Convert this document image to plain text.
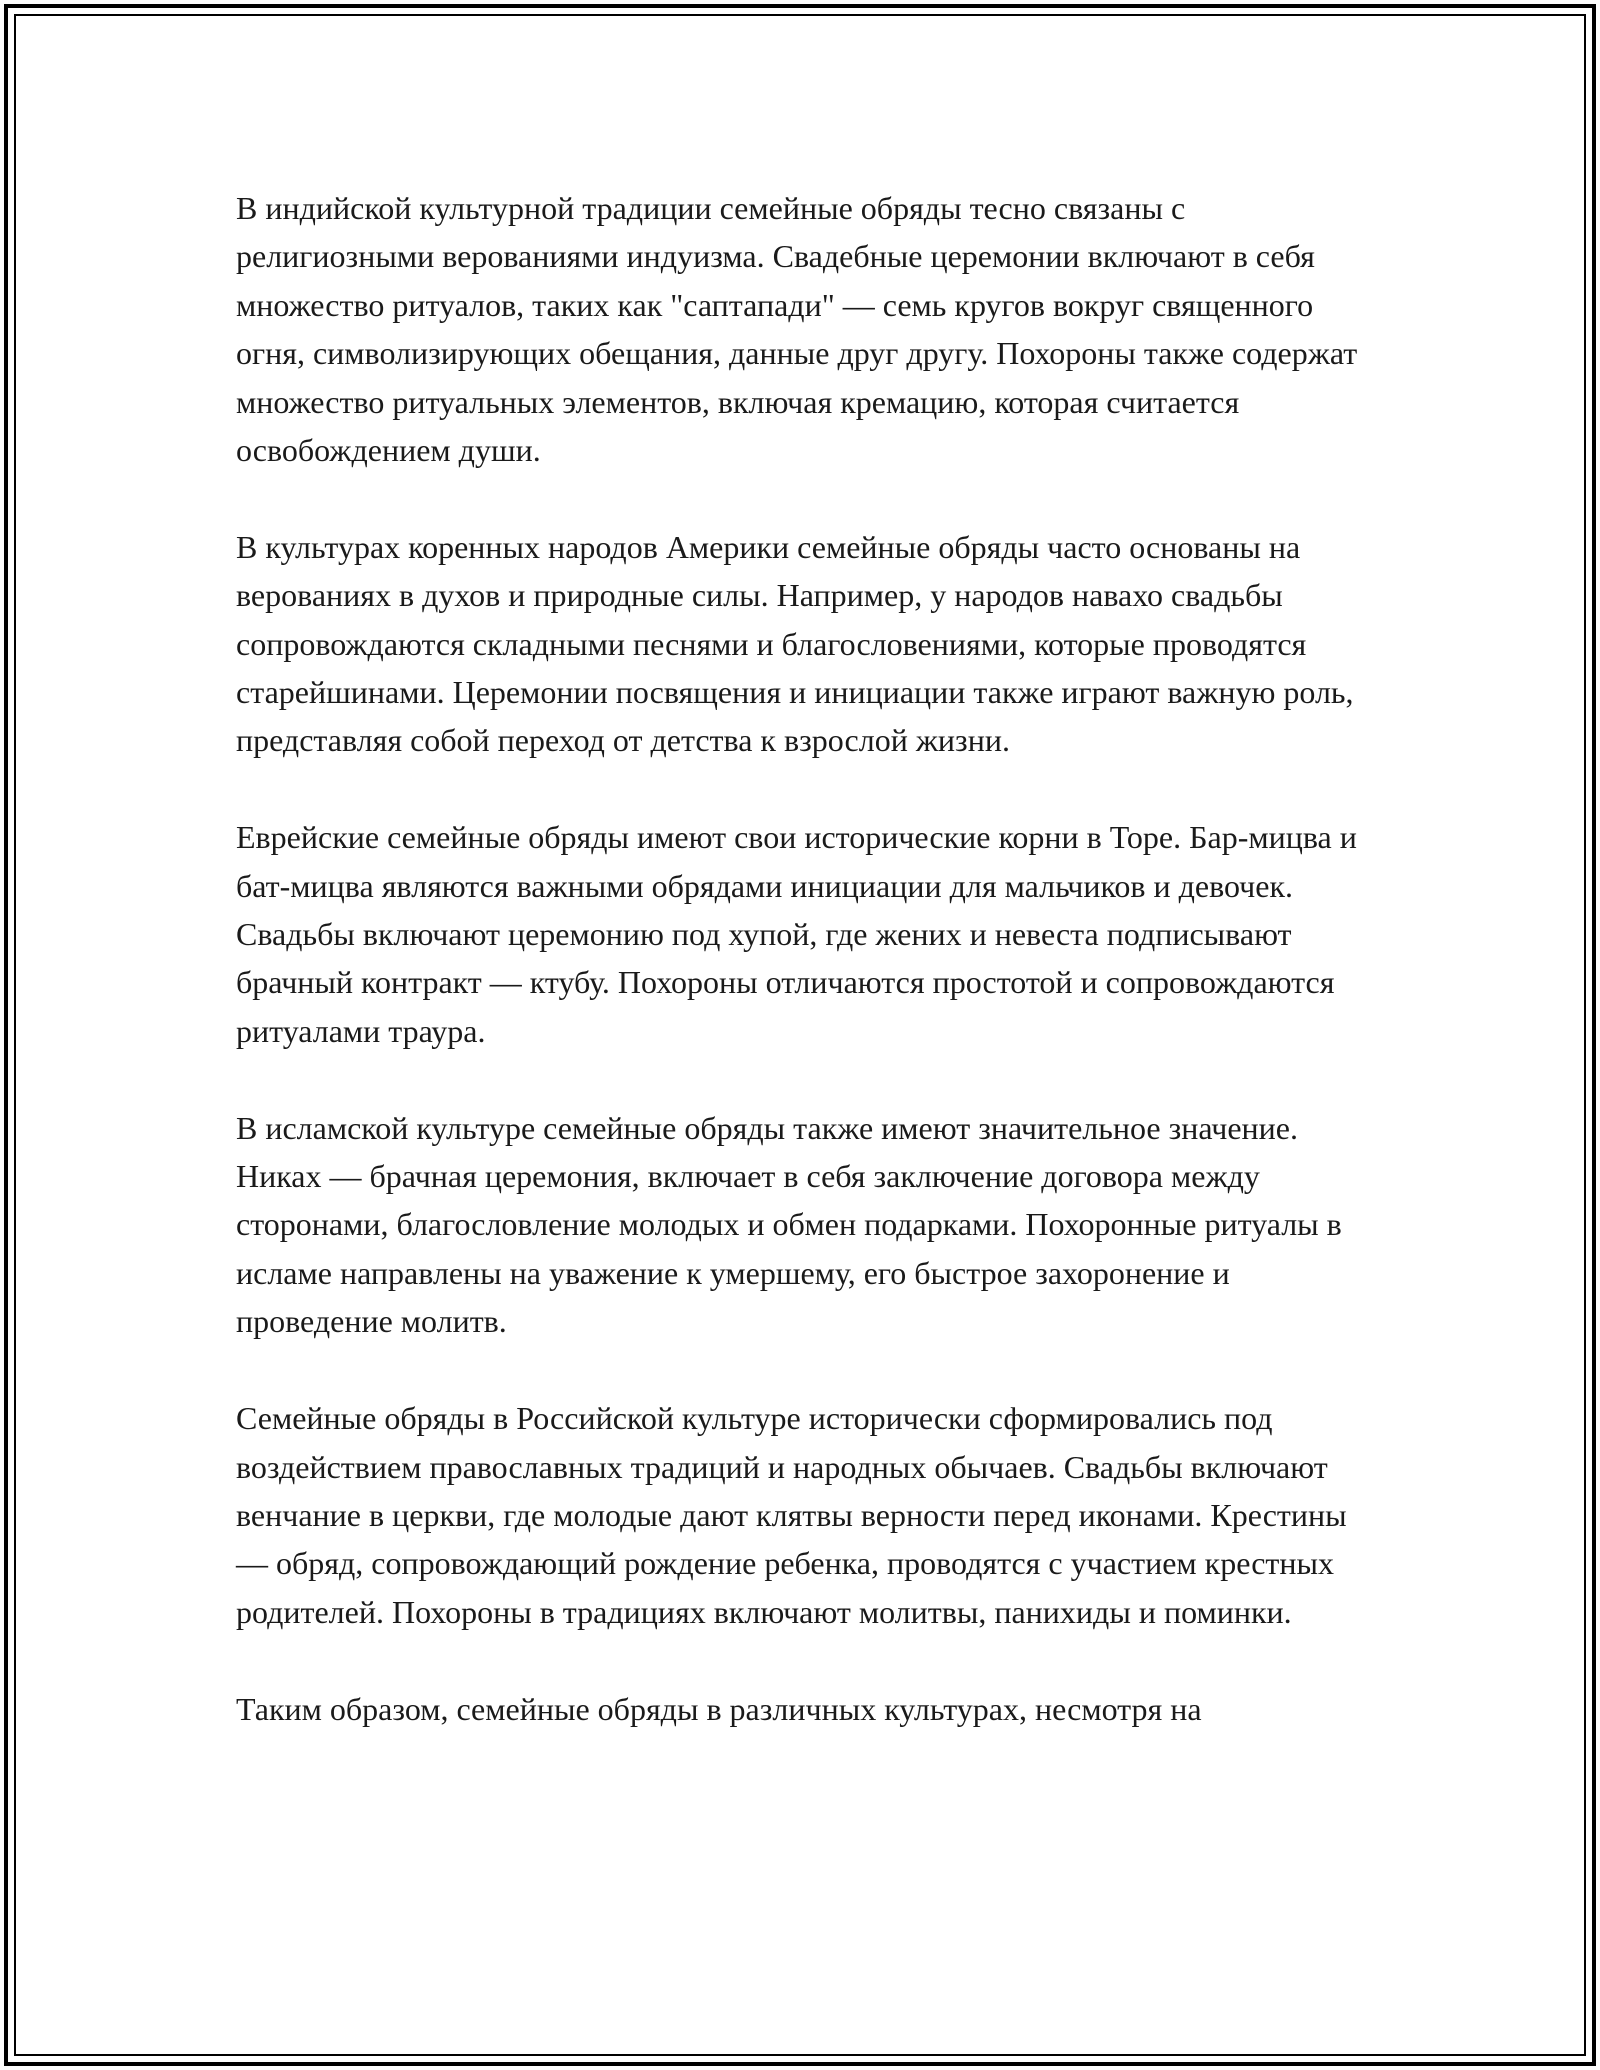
В индийской культурной традиции семейные обряды тесно связаны с религиозными верованиями индуизма. Свадебные церемонии включают в себя множество ритуалов, таких как "саптапади" — семь кругов вокруг священного огня, символизирующих обещания, данные друг другу. Похороны также содержат множество ритуальных элементов, включая кремацию, которая считается освобождением души.

В культурах коренных народов Америки семейные обряды часто основаны на верованиях в духов и природные силы. Например, у народов навахо свадьбы сопровождаются складными песнями и благословениями, которые проводятся старейшинами. Церемонии посвящения и инициации также играют важную роль, представляя собой переход от детства к взрослой жизни.

Еврейские семейные обряды имеют свои исторические корни в Торе. Бар-мицва и бат-мицва являются важными обрядами инициации для мальчиков и девочек. Свадьбы включают церемонию под хупой, где жених и невеста подписывают брачный контракт — ктубу. Похороны отличаются простотой и сопровождаются ритуалами траура.

В исламской культуре семейные обряды также имеют значительное значение. Никах — брачная церемония, включает в себя заключение договора между сторонами, благословление молодых и обмен подарками. Похоронные ритуалы в исламе направлены на уважение к умершему, его быстрое захоронение и проведение молитв.

Семейные обряды в Российской культуре исторически сформировались под воздействием православных традиций и народных обычаев. Свадьбы включают венчание в церкви, где молодые дают клятвы верности перед иконами. Крестины — обряд, сопровождающий рождение ребенка, проводятся с участием крестных родителей. Похороны в традициях включают молитвы, панихиды и поминки.

Таким образом, семейные обряды в различных культурах, несмотря на
